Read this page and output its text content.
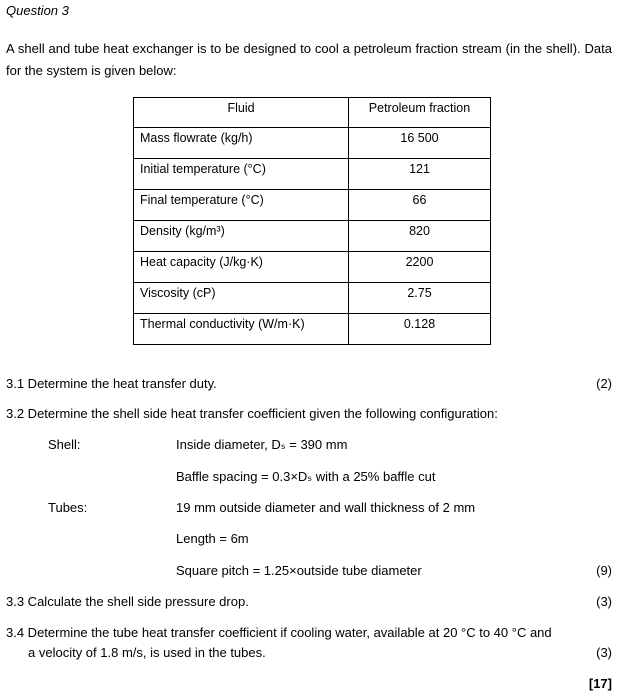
Question 3
A shell and tube heat exchanger is to be designed to cool a petroleum fraction stream (in the shell). Data for the system is given below:
Fluid	Petroleum fraction

Mass flowrate (kg/h)	16 500

Initial temperature (°C)	121

Final temperature (°C)	66

Density (kg/m³)	820

Heat capacity (J/kg·K)	2200

Viscosity (cP)	2.75

Thermal conductivity (W/m·K)	0.128
3.1 Determine the heat transfer duty.	(2)
3.2 Determine the shell side heat transfer coefficient given the following configuration:
Shell:	Inside diameter, Dₛ = 390 mm
Baffle spacing = 0.3×Dₛ with a 25% baffle cut
Tubes:	19 mm outside diameter and wall thickness of 2 mm
Length = 6m
Square pitch = 1.25×outside tube diameter	(9)
3.3 Calculate the shell side pressure drop.	(3)
3.4 Determine the tube heat transfer coefficient if cooling water, available at 20 °C to 40 °C and
a velocity of 1.8 m/s, is used in the tubes.	(3)
[17]
